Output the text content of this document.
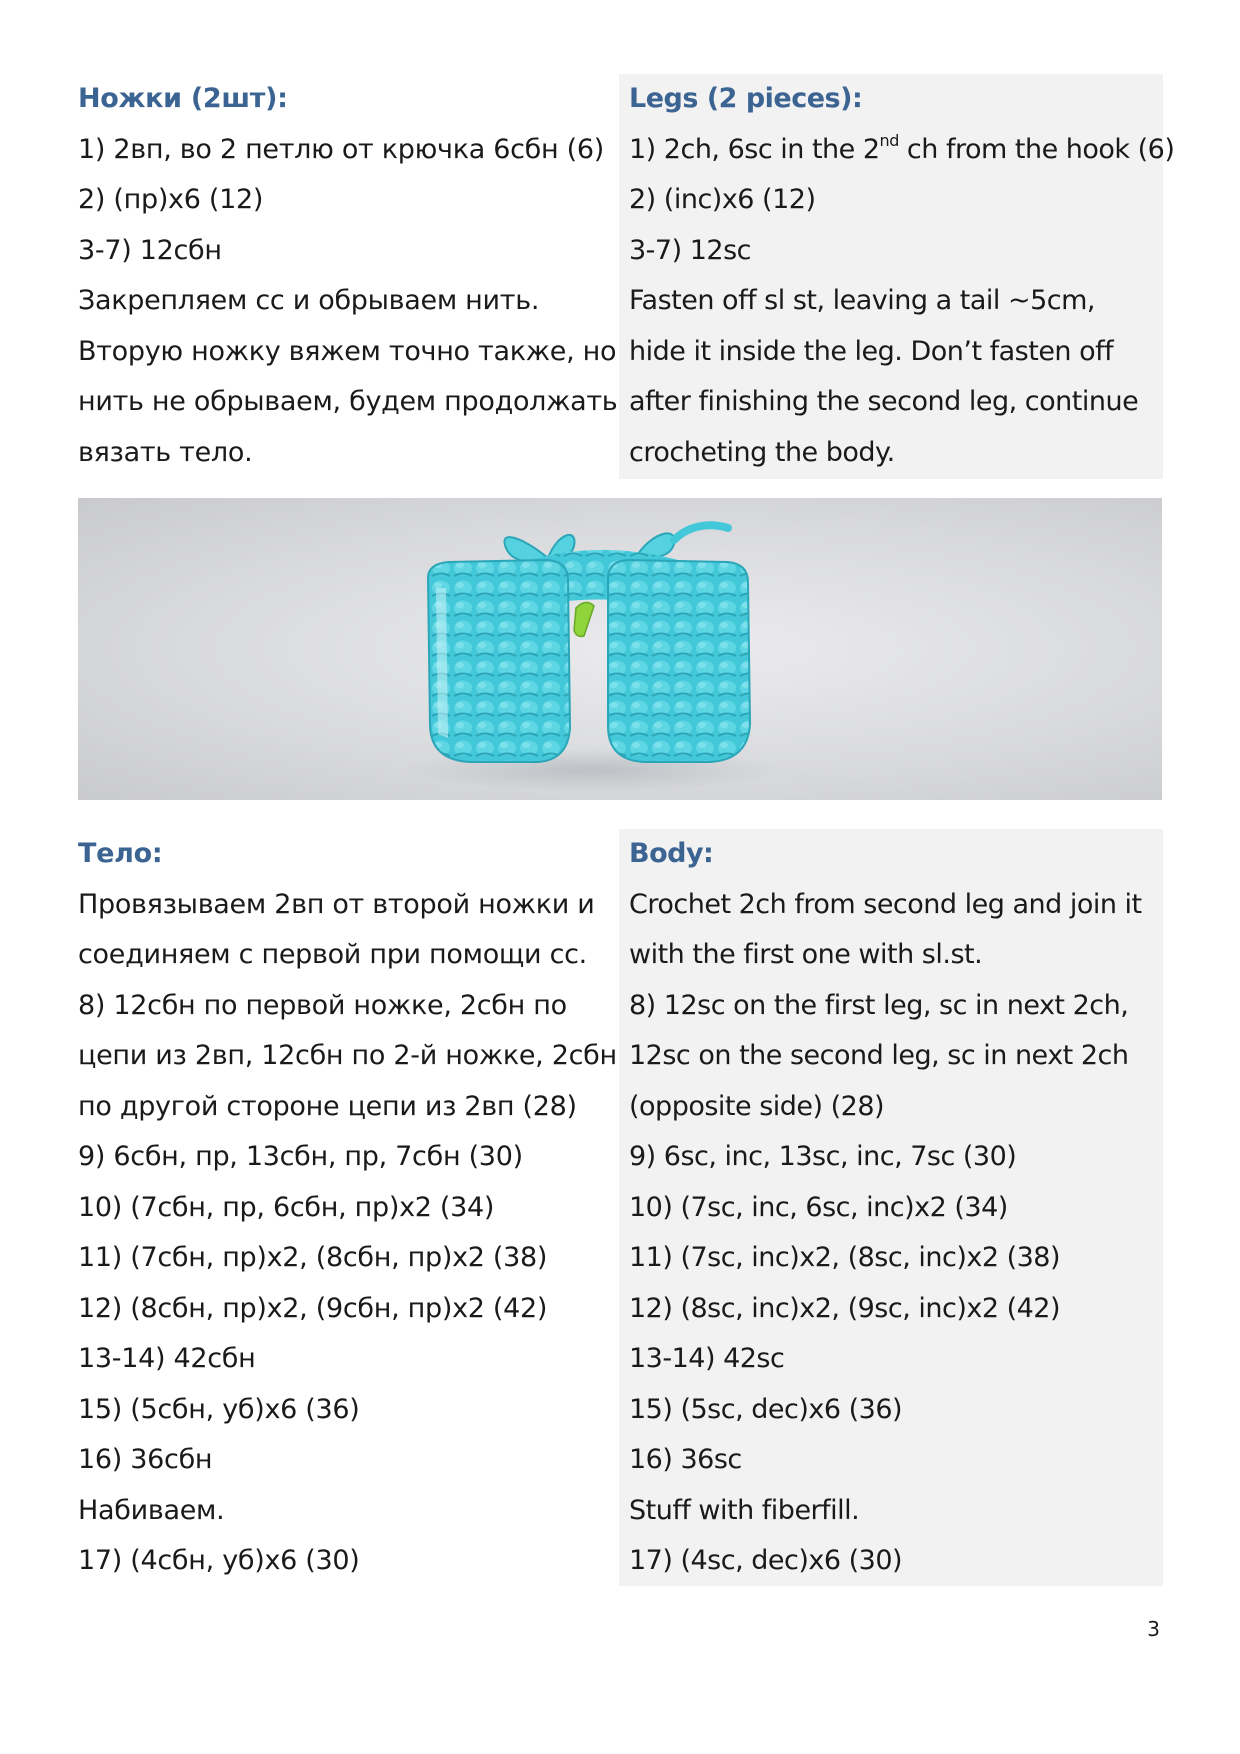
Ножки (2шт):
1) 2вп, во 2 петлю от крючка 6сбн (6)
2) (пр)х6 (12)
3-7) 12сбн
Закрепляем сс и обрываем нить.
Вторую ножку вяжем точно также, но
нить не обрываем, будем продолжать
вязать тело.
Legs (2 pieces):
1) 2ch, 6sc in the 2nd ch from the hook (6)
2) (inc)x6 (12)
3-7) 12sc
Fasten off sl st, leaving a tail ~5cm,
hide it inside the leg. Don’t fasten off
after finishing the second leg, continue
crocheting the body.
Тело:
Провязываем 2вп от второй ножки и
соединяем с первой при помощи сс.
8) 12сбн по первой ножке, 2сбн по
цепи из 2вп, 12сбн по 2-й ножке, 2сбн
по другой стороне цепи из 2вп (28)
9) 6сбн, пр, 13сбн, пр, 7сбн (30)
10) (7сбн, пр, 6сбн, пр)х2 (34)
11) (7сбн, пр)х2, (8сбн, пр)х2 (38)
12) (8сбн, пр)х2, (9сбн, пр)х2 (42)
13-14) 42сбн
15) (5сбн, уб)х6 (36)
16) 36сбн
Набиваем.
17) (4сбн, уб)х6 (30)
Body:
Crochet 2ch from second leg and join it
with the first one with sl.st.
8) 12sc on the first leg, sc in next 2ch,
12sc on the second leg, sc in next 2ch
(opposite side) (28)
9) 6sc, inc, 13sc, inc, 7sc (30)
10) (7sc, inc, 6sc, inc)x2 (34)
11) (7sc, inc)x2, (8sc, inc)x2 (38)
12) (8sc, inc)x2, (9sc, inc)x2 (42)
13-14) 42sc
15) (5sc, dec)x6 (36)
16) 36sc
Stuff with fiberfill.
17) (4sc, dec)x6 (30)
3
